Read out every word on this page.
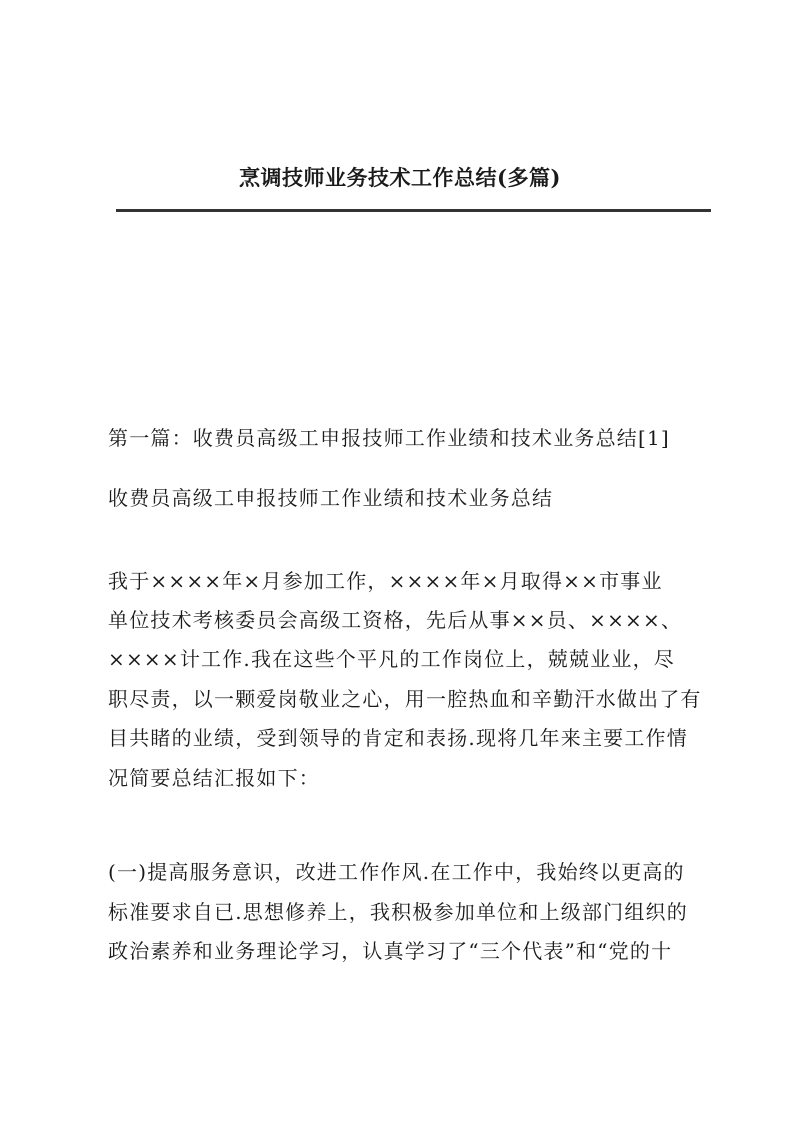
烹调技师业务技术工作总结(多篇)
第一篇：收费员高级工申报技师工作业绩和技术业务总结[1]
收费员高级工申报技师工作业绩和技术业务总结
我于××××年×月参加工作，××××年×月取得××市事业
单位技术考核委员会高级工资格，先后从事××员、××××、
××××计工作.我在这些个平凡的工作岗位上，兢兢业业，尽
职尽责，以一颗爱岗敬业之心，用一腔热血和辛勤汗水做出了有
目共睹的业绩，受到领导的肯定和表扬.现将几年来主要工作情
况简要总结汇报如下：
(一)提高服务意识，改进工作作风.在工作中，我始终以更高的
标准要求自已.思想修养上，我积极参加单位和上级部门组织的
政治素养和业务理论学习，认真学习了“三个代表”和“党的十
